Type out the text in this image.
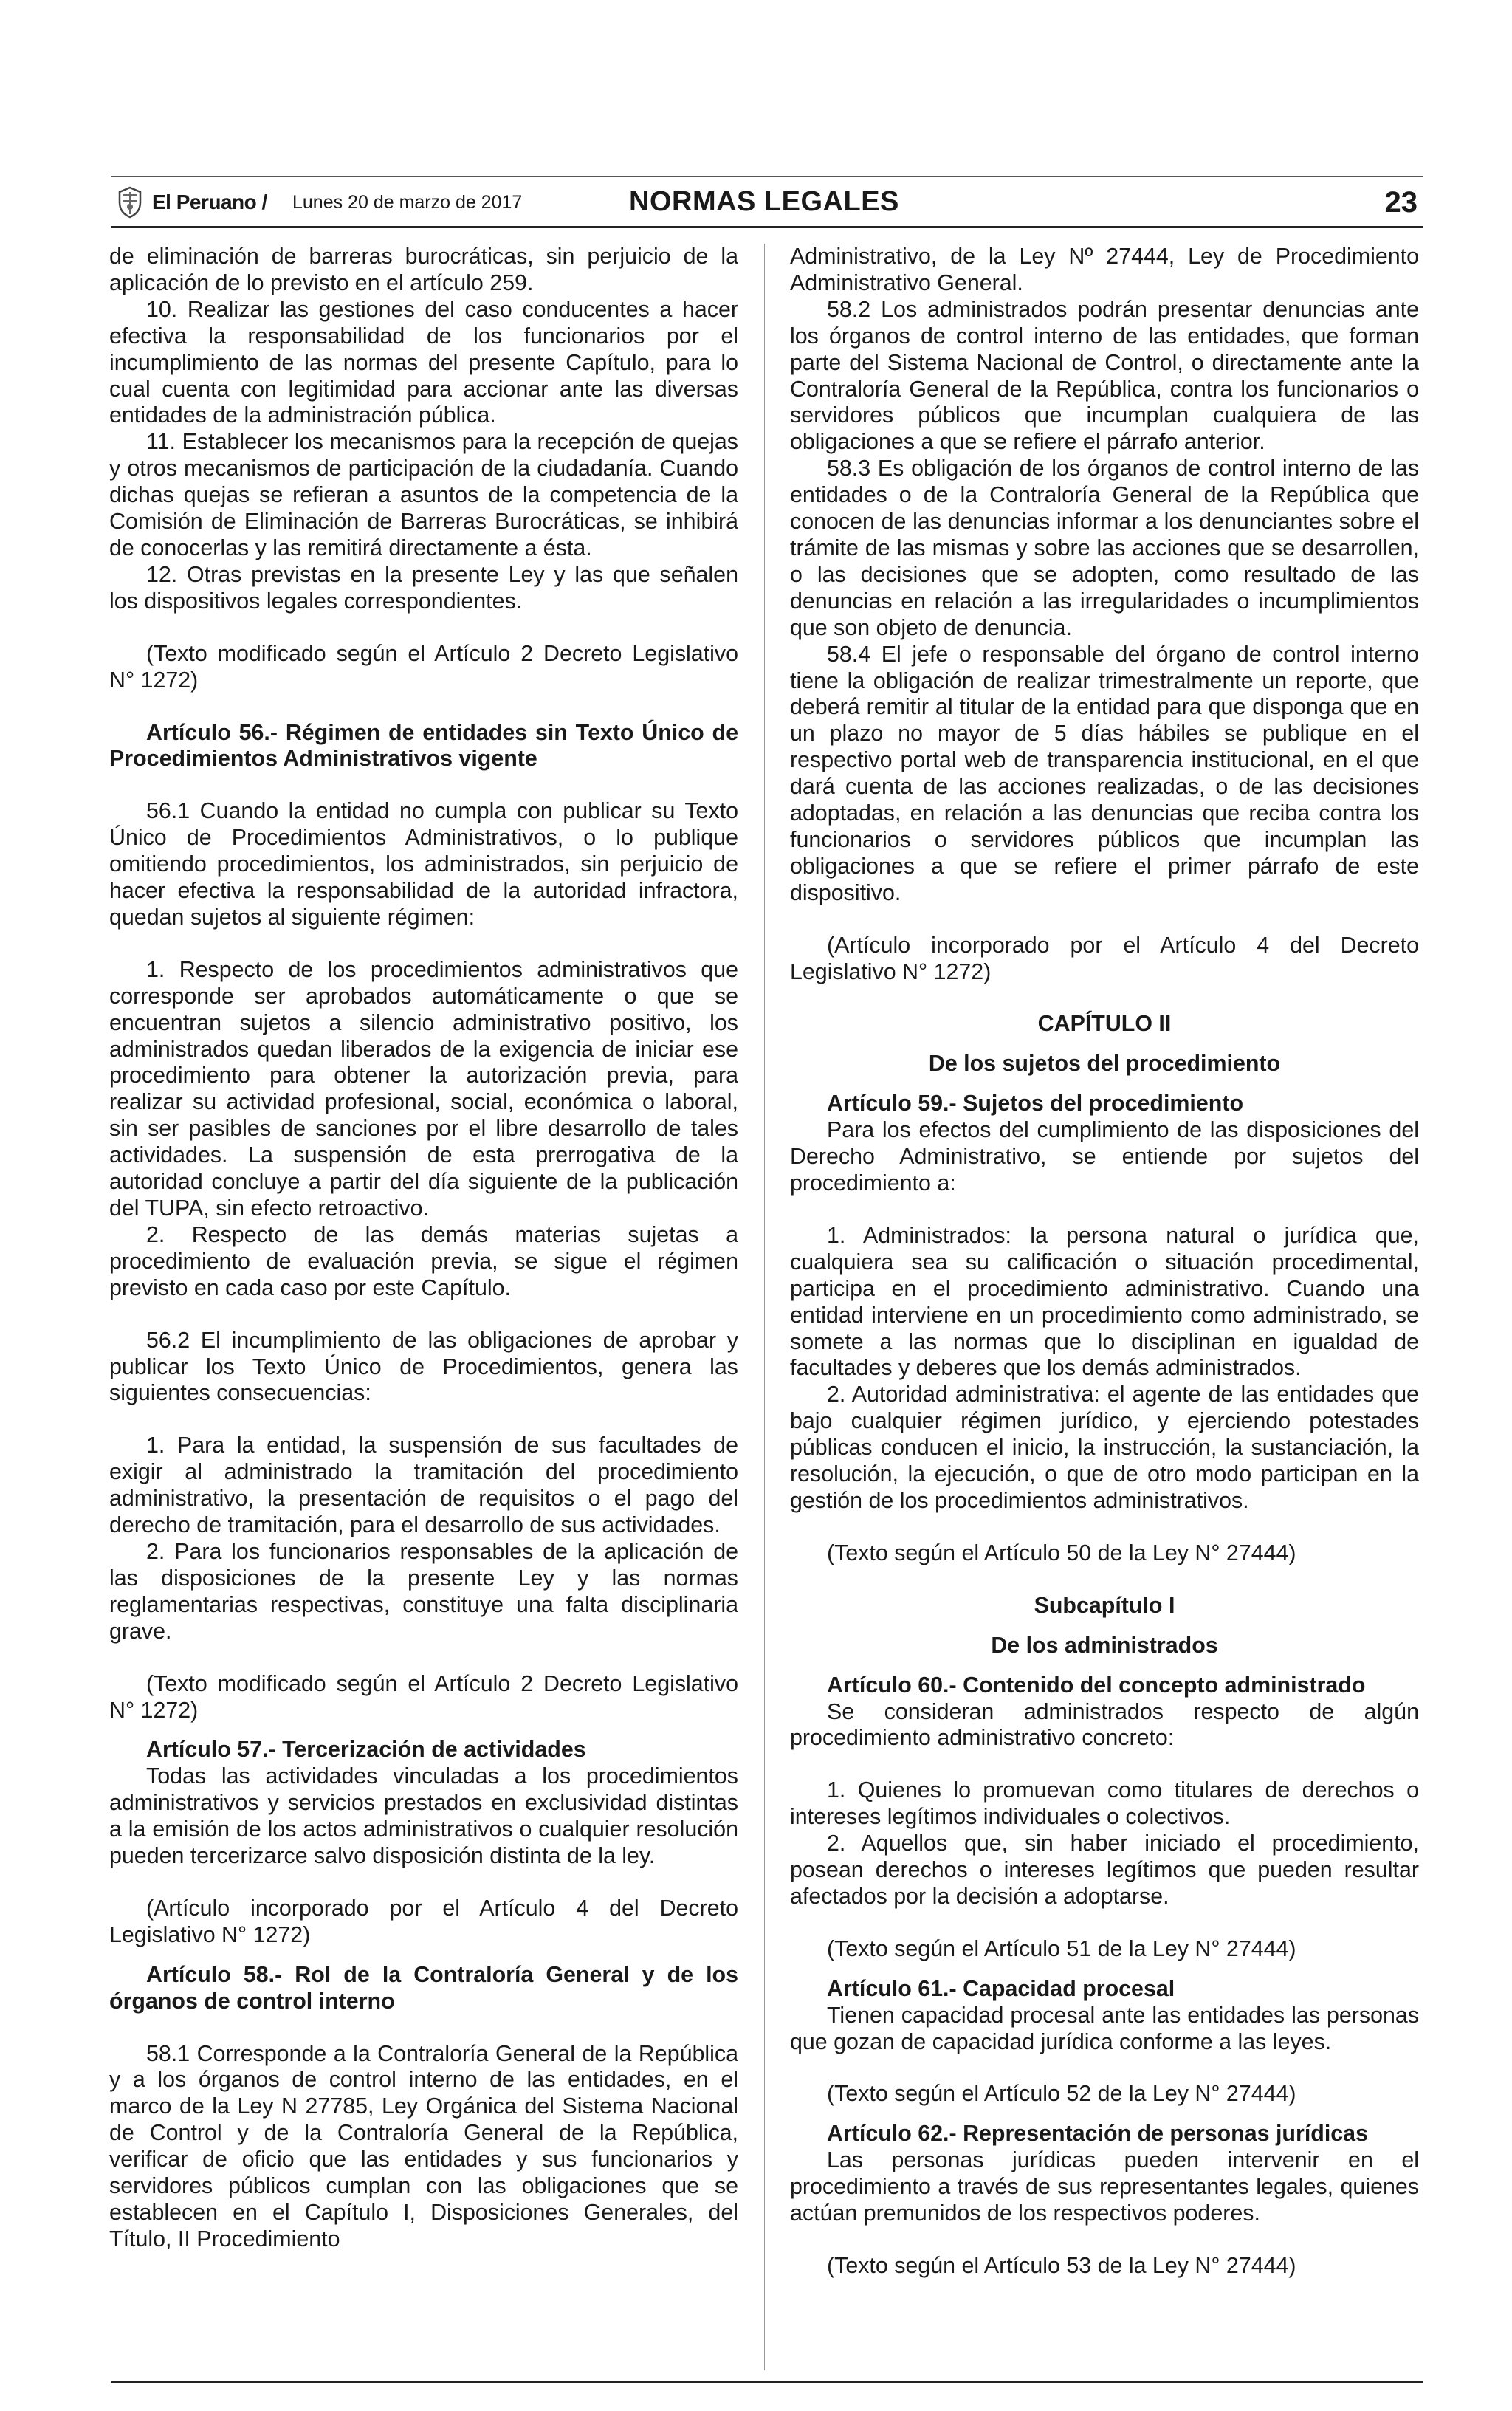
El Peruano / Lunes 20 de marzo de 2017	NORMAS LEGALES	23

de eliminación de barreras burocráticas, sin perjuicio de la aplicación de lo previsto en el artículo 259.

10. Realizar las gestiones del caso conducentes a hacer efectiva la responsabilidad de los funcionarios por el incumplimiento de las normas del presente Capítulo, para lo cual cuenta con legitimidad para accionar ante las diversas entidades de la administración pública.

11. Establecer los mecanismos para la recepción de quejas y otros mecanismos de participación de la ciudadanía. Cuando dichas quejas se refieran a asuntos de la competencia de la Comisión de Eliminación de Barreras Burocráticas, se inhibirá de conocerlas y las remitirá directamente a ésta.

12. Otras previstas en la presente Ley y las que señalen los dispositivos legales correspondientes.

(Texto modificado según el Artículo 2 Decreto Legislativo N° 1272)

Artículo 56.- Régimen de entidades sin Texto Único de Procedimientos Administrativos vigente

56.1 Cuando la entidad no cumpla con publicar su Texto Único de Procedimientos Administrativos, o lo publique omitiendo procedimientos, los administrados, sin perjuicio de hacer efectiva la responsabilidad de la autoridad infractora, quedan sujetos al siguiente régimen:

1. Respecto de los procedimientos administrativos que corresponde ser aprobados automáticamente o que se encuentran sujetos a silencio administrativo positivo, los administrados quedan liberados de la exigencia de iniciar ese procedimiento para obtener la autorización previa, para realizar su actividad profesional, social, económica o laboral, sin ser pasibles de sanciones por el libre desarrollo de tales actividades. La suspensión de esta prerrogativa de la autoridad concluye a partir del día siguiente de la publicación del TUPA, sin efecto retroactivo.

2. Respecto de las demás materias sujetas a procedimiento de evaluación previa, se sigue el régimen previsto en cada caso por este Capítulo.

56.2 El incumplimiento de las obligaciones de aprobar y publicar los Texto Único de Procedimientos, genera las siguientes consecuencias:

1. Para la entidad, la suspensión de sus facultades de exigir al administrado la tramitación del procedimiento administrativo, la presentación de requisitos o el pago del derecho de tramitación, para el desarrollo de sus actividades.

2. Para los funcionarios responsables de la aplicación de las disposiciones de la presente Ley y las normas reglamentarias respectivas, constituye una falta disciplinaria grave.

(Texto modificado según el Artículo 2 Decreto Legislativo N° 1272)

Artículo 57.- Tercerización de actividades

Todas las actividades vinculadas a los procedimientos administrativos y servicios prestados en exclusividad distintas a la emisión de los actos administrativos o cualquier resolución pueden tercerizarce salvo disposición distinta de la ley.

(Artículo incorporado por el Artículo 4 del Decreto Legislativo N° 1272)

Artículo 58.- Rol de la Contraloría General y de los órganos de control interno

58.1 Corresponde a la Contraloría General de la República y a los órganos de control interno de las entidades, en el marco de la Ley N 27785, Ley Orgánica del Sistema Nacional de Control y de la Contraloría General de la República, verificar de oficio que las entidades y sus funcionarios y servidores públicos cumplan con las obligaciones que se establecen en el Capítulo I, Disposiciones Generales, del Título, II Procedimiento

Administrativo, de la Ley Nº 27444, Ley de Procedimiento Administrativo General.

58.2 Los administrados podrán presentar denuncias ante los órganos de control interno de las entidades, que forman parte del Sistema Nacional de Control, o directamente ante la Contraloría General de la República, contra los funcionarios o servidores públicos que incumplan cualquiera de las obligaciones a que se refiere el párrafo anterior.

58.3 Es obligación de los órganos de control interno de las entidades o de la Contraloría General de la República que conocen de las denuncias informar a los denunciantes sobre el trámite de las mismas y sobre las acciones que se desarrollen, o las decisiones que se adopten, como resultado de las denuncias en relación a las irregularidades o incumplimientos que son objeto de denuncia.

58.4 El jefe o responsable del órgano de control interno tiene la obligación de realizar trimestralmente un reporte, que deberá remitir al titular de la entidad para que disponga que en un plazo no mayor de 5 días hábiles se publique en el respectivo portal web de transparencia institucional, en el que dará cuenta de las acciones realizadas, o de las decisiones adoptadas, en relación a las denuncias que reciba contra los funcionarios o servidores públicos que incumplan las obligaciones a que se refiere el primer párrafo de este dispositivo.

(Artículo incorporado por el Artículo 4 del Decreto Legislativo N° 1272)

CAPÍTULO II

De los sujetos del procedimiento

Artículo 59.- Sujetos del procedimiento

Para los efectos del cumplimiento de las disposiciones del Derecho Administrativo, se entiende por sujetos del procedimiento a:

1. Administrados: la persona natural o jurídica que, cualquiera sea su calificación o situación procedimental, participa en el procedimiento administrativo. Cuando una entidad interviene en un procedimiento como administrado, se somete a las normas que lo disciplinan en igualdad de facultades y deberes que los demás administrados.

2. Autoridad administrativa: el agente de las entidades que bajo cualquier régimen jurídico, y ejerciendo potestades públicas conducen el inicio, la instrucción, la sustanciación, la resolución, la ejecución, o que de otro modo participan en la gestión de los procedimientos administrativos.

(Texto según el Artículo 50 de la Ley N° 27444)

Subcapítulo I

De los administrados

Artículo 60.- Contenido del concepto administrado

Se consideran administrados respecto de algún procedimiento administrativo concreto:

1. Quienes lo promuevan como titulares de derechos o intereses legítimos individuales o colectivos.

2. Aquellos que, sin haber iniciado el procedimiento, posean derechos o intereses legítimos que pueden resultar afectados por la decisión a adoptarse.

(Texto según el Artículo 51 de la Ley N° 27444)

Artículo 61.- Capacidad procesal

Tienen capacidad procesal ante las entidades las personas que gozan de capacidad jurídica conforme a las leyes.

(Texto según el Artículo 52 de la Ley N° 27444)

Artículo 62.- Representación de personas jurídicas

Las personas jurídicas pueden intervenir en el procedimiento a través de sus representantes legales, quienes actúan premunidos de los respectivos poderes.

(Texto según el Artículo 53 de la Ley N° 27444)
